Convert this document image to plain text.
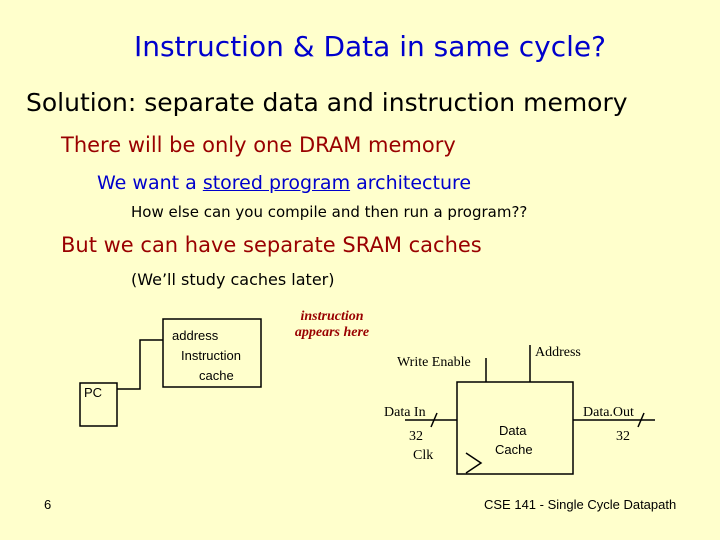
Instruction & Data in same cycle?
Solution: separate data and instruction memory
There will be only one DRAM memory
We want a stored program architecture
How else can you compile and then run a program??
But we can have separate SRAM caches
(We’ll study caches later)
address
Instruction
cache
PC
instruction
appears here
Write Enable
Address
Data In
32
Clk
Data
Cache
Data.Out
32
6	CSE 141 - Single Cycle Datapath
